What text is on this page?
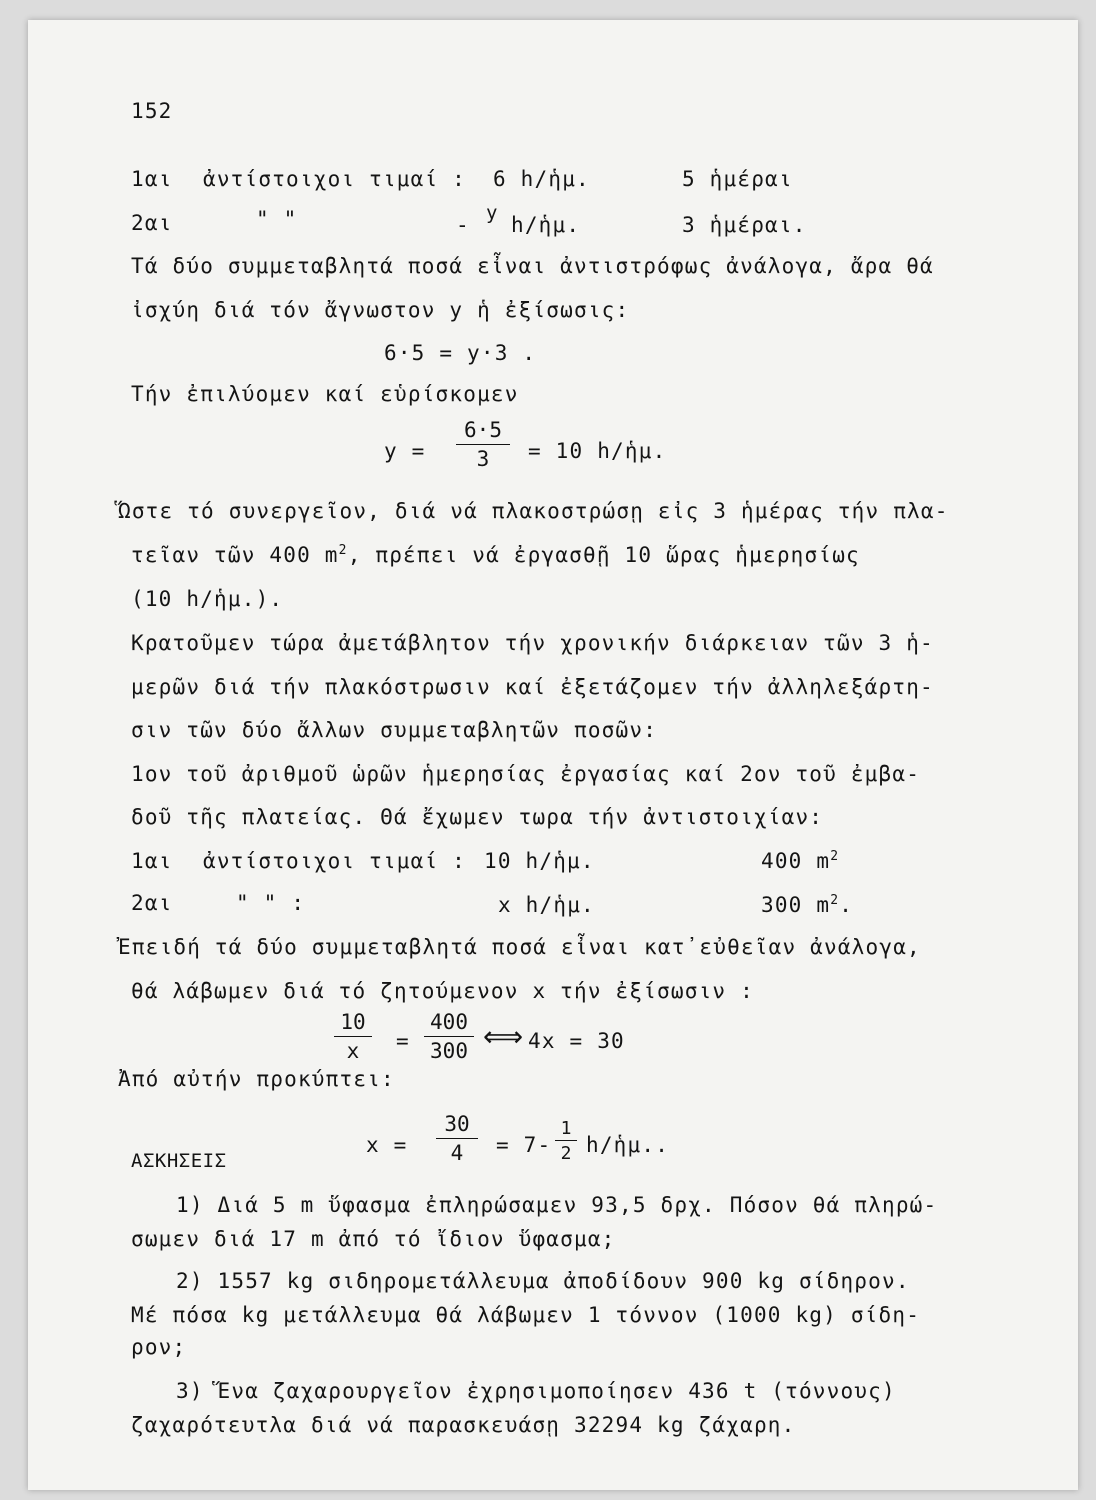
152
1αι ἀντίστοιχοι τιμαί : 6 h/ἡμ.	5 ἡμέραι
2αι	" "	- y h/ἡμ.	3 ἡμέραι.
Τά δύο συμμεταβλητά ποσά εἶναι ἀντιστρόφως ἀνάλογα, ἄρα θά
ἰσχύη διά τόν ἄγνωστον y ἡ ἐξίσωσις:
6·5 = y·3 .
Τήν ἐπιλύομεν καί εὑρίσκομεν
$y = \frac{6\cdot 5}{3} = 10$ h/ἡμ.
Ὥστε τό συνεργεῖον, διά νά πλακοστρώσῃ εἰς 3 ἡμέρας τήν πλα-
τεῖαν τῶν 400 $m^2$, πρέπει νά ἐργασθῇ 10 ὥρας ἡμερησίως
(10 h/ἡμ.).
Κρατοῦμεν τώρα ἀμετάβλητον τήν χρονικήν διάρκειαν τῶν 3 ἡ-
μερῶν διά τήν πλακόστρωσιν καί ἐξετάζομεν τήν ἀλληλεξάρτη-
σιν τῶν δύο ἄλλων συμμεταβλητῶν ποσῶν:
1ον τοῦ ἀριθμοῦ ὡρῶν ἡμερησίας ἐργασίας καί 2ον τοῦ ἐμβα-
δοῦ τῆς πλατείας. Θά ἔχωμεν τωρα τήν ἀντιστοιχίαν:
1αι ἀντίστοιχοι τιμαί : 10 h/ἡμ.	400 $m^2$
2αι	" " :	x h/ἡμ.	300 $m^2$.
Ἐπειδή τά δύο συμμεταβλητά ποσά εἶναι κατ᾽εὐθεῖαν ἀνάλογα,
θά λάβωμεν διά τό ζητούμενον x τήν ἐξίσωσιν :
$\frac{10}{x} = \frac{400}{300}$ ⟺ 4x = 30
Ἀπό αὐτήν προκύπτει:
$x = \frac{30}{4} = 7- \frac{1}{2}$ h/ἡμ..
ΑΣΚΗΣΕΙΣ
1) Διά 5 m ὕφασμα ἐπληρώσαμεν 93,5 δρχ. Πόσον θά πληρώ-
σωμεν διά 17 m ἀπό τό ἴδιον ὕφασμα;
2) 1557 kg σιδηρομετάλλευμα ἀποδίδουν 900 kg σίδηρον.
Μέ πόσα kg μετάλλευμα θά λάβωμεν 1 τόννον (1000 kg) σίδη-
ρον;
3) Ἕνα ζαχαρουργεῖον ἐχρησιμοποίησεν 436 t (τόννους)
ζαχαρότευτλα διά νά παρασκευάσῃ 32294 kg ζάχαρη.
